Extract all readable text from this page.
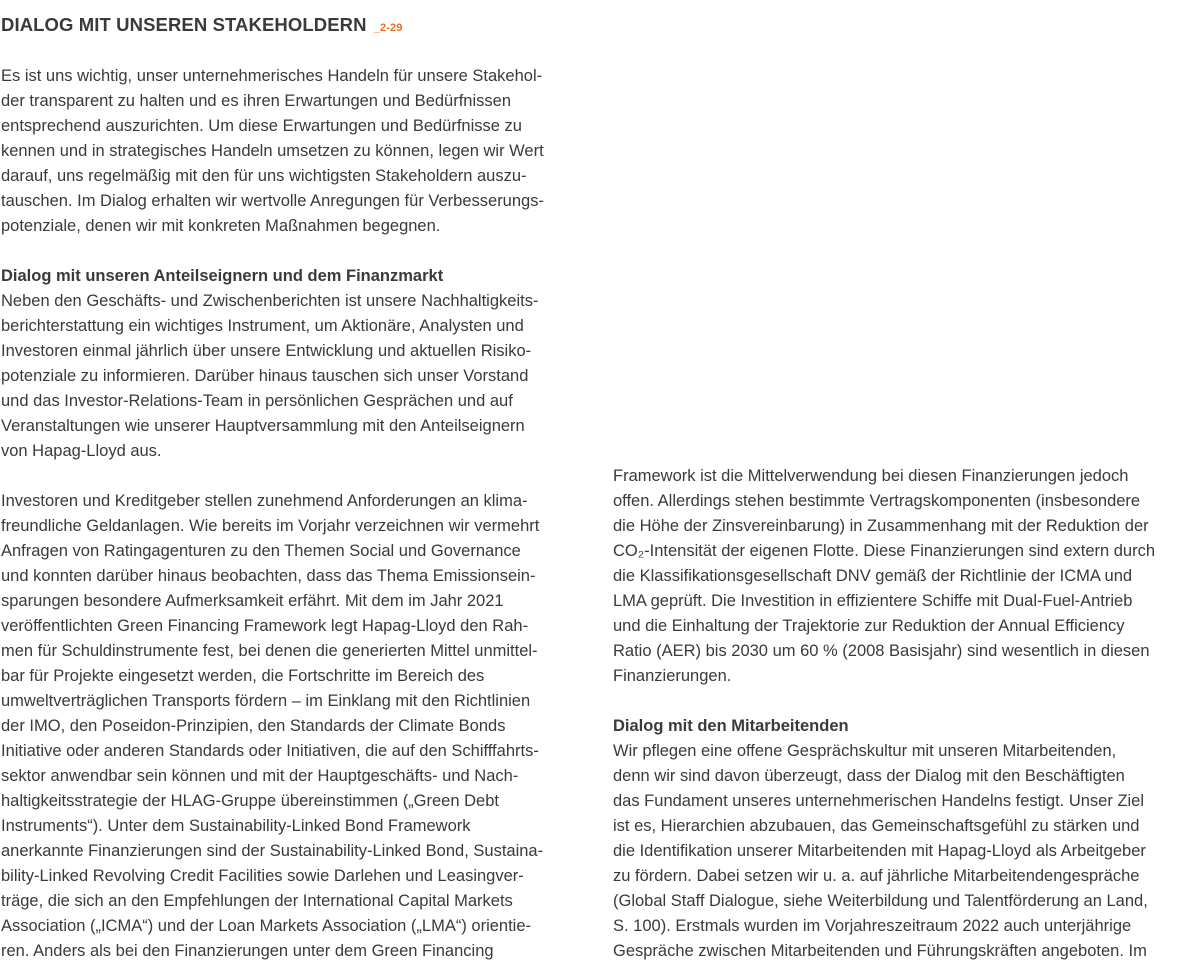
DIALOG MIT UNSEREN STAKEHOLDERN _2-29
Es ist uns wichtig, unser unternehmerisches Handeln für unsere Stakehol-
der transparent zu halten und es ihren Erwartungen und Bedürfnissen
entsprechend auszurichten. Um diese Erwartungen und Bedürfnisse zu
kennen und in strategisches Handeln umsetzen zu können, legen wir Wert
darauf, uns regelmäßig mit den für uns wichtigsten Stakeholdern auszu-
tauschen. Im Dialog erhalten wir wertvolle Anregungen für Verbesserungs-
potenziale, denen wir mit konkreten Maßnahmen begegnen.
Dialog mit unseren Anteilseignern und dem Finanzmarkt
Neben den Geschäfts- und Zwischenberichten ist unsere Nachhaltigkeits-
berichterstattung ein wichtiges Instrument, um Aktionäre, Analysten und
Investoren einmal jährlich über unsere Entwicklung und aktuellen Risiko-
potenziale zu informieren. Darüber hinaus tauschen sich unser Vorstand
und das Investor-Relations-Team in persönlichen Gesprächen und auf
Veranstaltungen wie unserer Hauptversammlung mit den Anteilseignern
von Hapag-Lloyd aus.
Investoren und Kreditgeber stellen zunehmend Anforderungen an klima-
freundliche Geldanlagen. Wie bereits im Vorjahr verzeichnen wir vermehrt
Anfragen von Ratingagenturen zu den Themen Social und Governance
und konnten darüber hinaus beobachten, dass das Thema Emissionsein-
sparungen besondere Aufmerksamkeit erfährt. Mit dem im Jahr 2021
veröffentlichten Green Financing Framework legt Hapag-Lloyd den Rah-
men für Schuldinstrumente fest, bei denen die generierten Mittel unmittel-
bar für Projekte eingesetzt werden, die Fortschritte im Bereich des
umweltverträglichen Transports fördern – im Einklang mit den Richtlinien
der IMO, den Poseidon-Prinzipien, den Standards der Climate Bonds
Initiative oder anderen Standards oder Initiativen, die auf den Schifffahrts-
sektor anwendbar sein können und mit der Hauptgeschäfts- und Nach-
haltigkeitsstrategie der HLAG-Gruppe übereinstimmen („Green Debt
Instruments“). Unter dem Sustainability-Linked Bond Framework
anerkannte Finanzierungen sind der Sustainability-Linked Bond, Sustaina-
bility-Linked Revolving Credit Facilities sowie Darlehen und Leasingver-
träge, die sich an den Empfehlungen der International Capital Markets
Association („ICMA“) und der Loan Markets Association („LMA“) orientie-
ren. Anders als bei den Finanzierungen unter dem Green Financing
Framework ist die Mittelverwendung bei diesen Finanzierungen jedoch
offen. Allerdings stehen bestimmte Vertragskomponenten (insbesondere
die Höhe der Zinsvereinbarung) in Zusammenhang mit der Reduktion der
CO₂-Intensität der eigenen Flotte. Diese Finanzierungen sind extern durch
die Klassifikationsgesellschaft DNV gemäß der Richtlinie der ICMA und
LMA geprüft. Die Investition in effizientere Schiffe mit Dual-Fuel-Antrieb
und die Einhaltung der Trajektorie zur Reduktion der Annual Efficiency
Ratio (AER) bis 2030 um 60 % (2008 Basisjahr) sind wesentlich in diesen
Finanzierungen.
Dialog mit den Mitarbeitenden
Wir pflegen eine offene Gesprächskultur mit unseren Mitarbeitenden,
denn wir sind davon überzeugt, dass der Dialog mit den Beschäftigten
das Fundament unseres unternehmerischen Handelns festigt. Unser Ziel
ist es, Hierarchien abzubauen, das Gemeinschaftsgefühl zu stärken und
die Identifikation unserer Mitarbeitenden mit Hapag-Lloyd als Arbeitgeber
zu fördern. Dabei setzen wir u. a. auf jährliche Mitarbeitendengespräche
(Global Staff Dialogue, siehe Weiterbildung und Talentförderung an Land,
S. 100). Erstmals wurden im Vorjahreszeitraum 2022 auch unterjährige
Gespräche zwischen Mitarbeitenden und Führungskräften angeboten. Im
